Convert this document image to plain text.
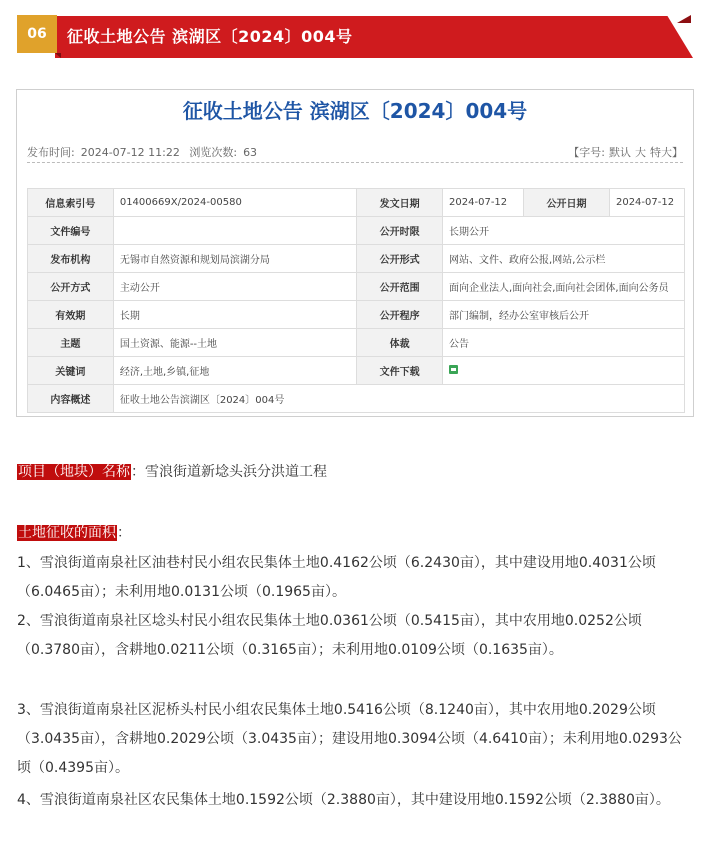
06	征收土地公告 滨湖区〔2024〕004号
征收土地公告 滨湖区〔2024〕004号
发布时间: 2024-07-12 11:22 浏览次数: 63	【字号: 默认 大 特大】
信息索引号	01400669X/2024-00580	发文日期	2024-07-12	公开日期	2024-07-12
文件编号		公开时限	长期公开		
发布机构	无锡市自然资源和规划局滨湖分局	公开形式	网站、文件、政府公报,网站,公示栏		
公开方式	主动公开	公开范围	面向企业法人,面向社会,面向社会团体,面向公务员		
有效期	长期	公开程序	部门编制，经办公室审核后公开		
主题	国土资源、能源--土地	体裁	公告		
关键词	经济,土地,乡镇,征地	文件下载			
内容概述	征收土地公告滨湖区〔2024〕004号				
项目（地块）名称：雪浪街道新埝头浜分洪道工程
土地征收的面积：
1、雪浪街道南泉社区油巷村民小组农民集体土地0.4162公顷（6.2430亩），其中建设用地0.4031公顷（6.0465亩）；未利用地0.0131公顷（0.1965亩）。
2、雪浪街道南泉社区埝头村民小组农民集体土地0.0361公顷（0.5415亩），其中农用地0.0252公顷（0.3780亩），含耕地0.0211公顷（0.3165亩）；未利用地0.0109公顷（0.1635亩）。
3、雪浪街道南泉社区泥桥头村民小组农民集体土地0.5416公顷（8.1240亩），其中农用地0.2029公顷（3.0435亩），含耕地0.2029公顷（3.0435亩）；建设用地0.3094公顷（4.6410亩）；未利用地0.0293公顷（0.4395亩）。
4、雪浪街道南泉社区农民集体土地0.1592公顷（2.3880亩），其中建设用地0.1592公顷（2.3880亩）。
